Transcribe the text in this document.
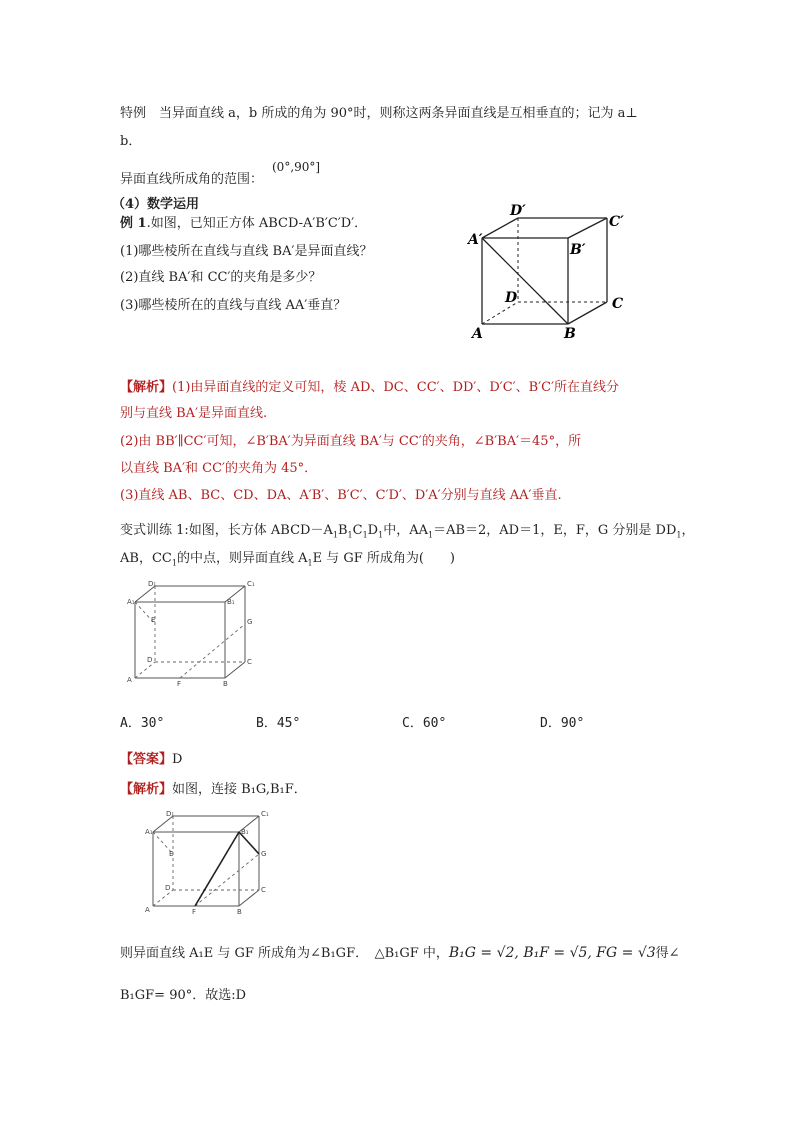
特例　当异面直线 a，b 所成的角为 90°时，则称这两条异面直线是互相垂直的；记为 a⊥
b．
异面直线所成角的范围：
(0°,90°]
（4）数学运用
例 1.如图，已知正方体 ABCD-A′B′C′D′．
(1)哪些棱所在直线与直线 BA′是异面直线？
(2)直线 BA′和 CC′的夹角是多少？
(3)哪些棱所在的直线与直线 AA′垂直？
D′
C′
A′
B′
D	C
A	B
【解析】(1)由异面直线的定义可知，棱 AD、DC、CC′、DD′、D′C′、B′C′所在直线分
别与直线 BA′是异面直线.
(2)由 BB′∥CC′可知，∠B′BA′为异面直线 BA′与 CC′的夹角，∠B′BA′＝45°，所
以直线 BA′和 CC′的夹角为 45°．
(3)直线 AB、BC、CD、DA、A′B′、B′C′、C′D′、D′A′分别与直线 AA′垂直.
变式训练 1:如图，长方体 $ABCD-A_1B_1C_1D_1$中，$AA_1=AB=2$，AD＝1，E，F，G 分别是 $DD_1$，
AB，$CC_1$的中点，则异面直线 $A_1E$ 与 GF 所成角为(　　)
A₁
D₁	C₁
B₁
E	G
D	C
A	F	B
A．30°	B．45°	C．60°	D．90°
【答案】D
【解析】如图，连接 B₁G,B₁F．
A₁
D₁	C₁
B₁
E	G
D	C
A	F	B
则异面直线 A₁E 与 GF 所成角为∠B₁GF．　△B₁GF 中，B₁G = √2, B₁F = √5, FG = √3得∠
B₁GF= 90°．故选:D
